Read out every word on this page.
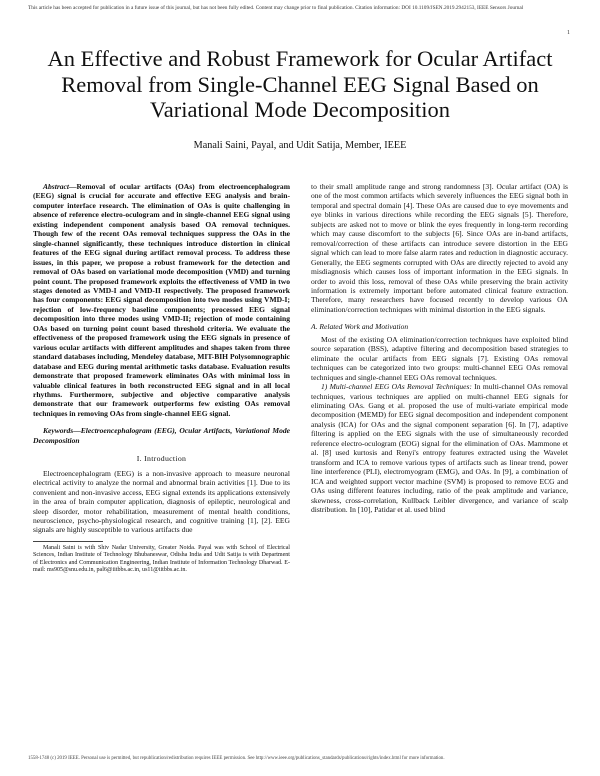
This article has been accepted for publication in a future issue of this journal, but has not been fully edited. Content may change prior to final publication. Citation information: DOI 10.1109/JSEN.2019.2942153, IEEE Sensors Journal
1
An Effective and Robust Framework for Ocular Artifact Removal from Single-Channel EEG Signal Based on Variational Mode Decomposition
Manali Saini, Payal, and Udit Satija, Member, IEEE

Abstract—Removal of ocular artifacts (OAs) from electroencephalogram (EEG) signal is crucial for accurate and effective EEG analysis and brain-computer interface research. The elimination of OAs is quite challenging in absence of reference electro-oculogram and in single-channel EEG signal using existing independent component analysis based OA removal techniques. Though few of the recent OAs removal techniques suppress the OAs in the single-channel significantly, these techniques introduce distortion in clinical features of the EEG signal during artifact removal process. To address these issues, in this paper, we propose a robust framework for the detection and removal of OAs based on variational mode decomposition (VMD) and turning point count. The proposed framework exploits the effectiveness of VMD in two stages denoted as VMD-I and VMD-II respectively. The proposed framework has four components: EEG signal decomposition into two modes using VMD-I; rejection of low-frequency baseline components; processed EEG signal decomposition into three modes using VMD-II; rejection of mode containing OAs based on turning point count based threshold criteria. We evaluate the effectiveness of the proposed framework using the EEG signals in presence of various ocular artifacts with different amplitudes and shapes taken from three standard databases including, Mendeley database, MIT-BIH Polysomnographic database and EEG during mental arithmetic tasks database. Evaluation results demonstrate that proposed framework eliminates OAs with minimal loss in valuable clinical features in both reconstructed EEG signal and in all local rhythms. Furthermore, subjective and objective comparative analysis demonstrate that our framework outperforms few existing OAs removal techniques in removing OAs from single-channel EEG signal.

Keywords—Electroencephalogram (EEG), Ocular Artifacts, Variational Mode Decomposition

I. Introduction

Electroencephalogram (EEG) is a non-invasive approach to measure neuronal electrical activity to analyze the normal and abnormal brain activities [1]. Due to its convenient and non-invasive access, EEG signal extends its applications extensively in the area of brain computer application, diagnosis of epileptic, neurological and sleep disorder, motor rehabilitation, measurement of mental health conditions, neuroscience, psycho-physiological research, and cognitive training [1], [2]. EEG signals are highly susceptible to various artifacts due

Manali Saini is with Shiv Nadar University, Greater Noida. Payal was with School of Electrical Sciences, Indian Institute of Technology Bhubaneswar, Odisha India and Udit Satija is with Department of Electronics and Communication Engineering, Indian Institute of Information Technology Dharwad. E-mail: ms905@snu.edu.in, pal6@iitbbs.ac.in, us11@iitbbs.ac.in.

to their small amplitude range and strong randomness [3]. Ocular artifact (OA) is one of the most common artifacts which severely influences the EEG signal both in temporal and spectral domain [4]. These OAs are caused due to eye movements and eye blinks in various directions while recording the EEG signals [5]. Therefore, subjects are asked not to move or blink the eyes frequently in long-term recording which may cause discomfort to the subjects [6]. Since OAs are in-band artifacts, removal/correction of these artifacts can introduce severe distortion in the EEG signal which can lead to more false alarm rates and reduction in diagnostic accuracy. Generally, the EEG segments corrupted with OAs are directly rejected to avoid any misdiagnosis which causes loss of important information in the EEG signals. In order to avoid this loss, removal of these OAs while preserving the brain activity information is extremely important before automated clinical feature extraction. Therefore, many researchers have focused recently to develop various OA elimination/correction techniques with minimal distortion in the EEG signals.

A. Related Work and Motivation

Most of the existing OA elimination/correction techniques have exploited blind source separation (BSS), adaptive filtering and decomposition based strategies to eliminate the ocular artifacts from EEG signals [7]. Existing OAs removal techniques can be categorized into two groups: multi-channel EEG OAs removal techniques and single-channel EEG OAs removal techniques.

1) Multi-channel EEG OAs Removal Techniques: In multi-channel OAs removal techniques, various techniques are applied on multi-channel EEG signals for eliminating OAs. Gang et al. proposed the use of multi-variate empirical mode decomposition (MEMD) for EEG signal decomposition and independent component analysis (ICA) for OAs and the signal component separation [6]. In [7], adaptive filtering is applied on the EEG signals with the use of simultaneously recorded reference electro-oculogram (EOG) signal for the elimination of OAs. Mammone et al. [8] used kurtosis and Renyi's entropy features extracted using the Wavelet transform and ICA to remove various types of artifacts such as linear trend, power line interference (PLI), electromyogram (EMG), and OAs. In [9], a combination of ICA and weighted support vector machine (SVM) is proposed to remove ECG and OAs using different features including, ratio of the peak amplitude and variance, skewness, cross-correlation, Kullback Leibler divergence, and variance of scalp distribution. In [10], Patidar et al. used blind

1558-1748 (c) 2019 IEEE. Personal use is permitted, but republication/redistribution requires IEEE permission. See http://www.ieee.org/publications_standards/publications/rights/index.html for more information.
